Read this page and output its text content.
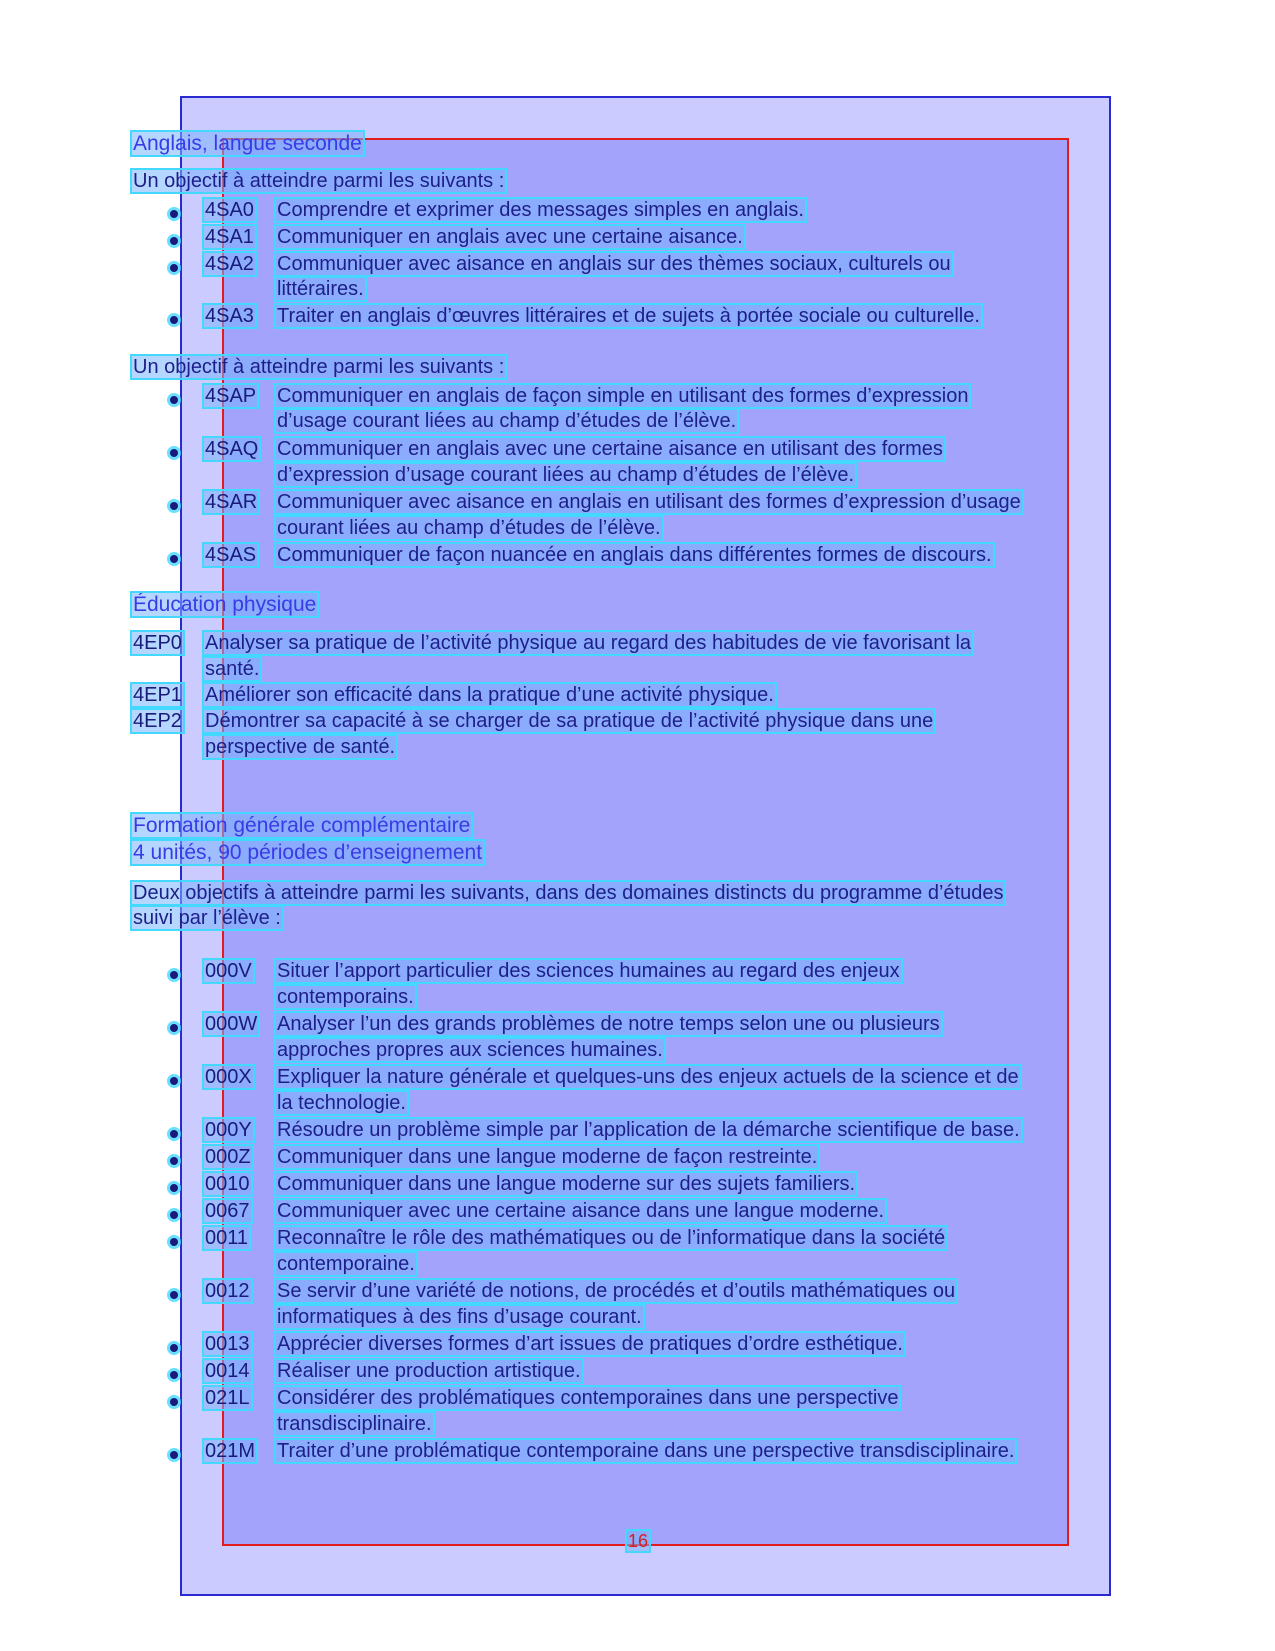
Anglais, langue seconde
Un objectif à atteindre parmi les suivants :
4SA0 Comprendre et exprimer des messages simples en anglais.
4SA1 Communiquer en anglais avec une certaine aisance.
4SA2 Communiquer avec aisance en anglais sur des thèmes sociaux, culturels ou
littéraires.
4SA3 Traiter en anglais d’œuvres littéraires et de sujets à portée sociale ou culturelle.
Un objectif à atteindre parmi les suivants :
4SAP Communiquer en anglais de façon simple en utilisant des formes d’expression
d’usage courant liées au champ d’études de l’élève.
4SAQ Communiquer en anglais avec une certaine aisance en utilisant des formes
d’expression d’usage courant liées au champ d’études de l’élève.
4SAR Communiquer avec aisance en anglais en utilisant des formes d’expression d’usage
courant liées au champ d’études de l’élève.
4SAS Communiquer de façon nuancée en anglais dans différentes formes de discours.
Éducation physique
4EP0 Analyser sa pratique de l’activité physique au regard des habitudes de vie favorisant la
santé.
4EP1 Améliorer son efficacité dans la pratique d’une activité physique.
4EP2 Démontrer sa capacité à se charger de sa pratique de l’activité physique dans une
perspective de santé.
Formation générale complémentaire
4 unités, 90 périodes d’enseignement
Deux objectifs à atteindre parmi les suivants, dans des domaines distincts du programme d’études
suivi par l’élève :
000V Situer l’apport particulier des sciences humaines au regard des enjeux
contemporains.
000W Analyser l’un des grands problèmes de notre temps selon une ou plusieurs
approches propres aux sciences humaines.
000X Expliquer la nature générale et quelques-uns des enjeux actuels de la science et de
la technologie.
000Y Résoudre un problème simple par l’application de la démarche scientifique de base.
000Z Communiquer dans une langue moderne de façon restreinte.
0010 Communiquer dans une langue moderne sur des sujets familiers.
0067 Communiquer avec une certaine aisance dans une langue moderne.
0011 Reconnaître le rôle des mathématiques ou de l’informatique dans la société
contemporaine.
0012 Se servir d’une variété de notions, de procédés et d’outils mathématiques ou
informatiques à des fins d’usage courant.
0013 Apprécier diverses formes d’art issues de pratiques d’ordre esthétique.
0014 Réaliser une production artistique.
021L Considérer des problématiques contemporaines dans une perspective
transdisciplinaire.
021M Traiter d’une problématique contemporaine dans une perspective transdisciplinaire.
16
